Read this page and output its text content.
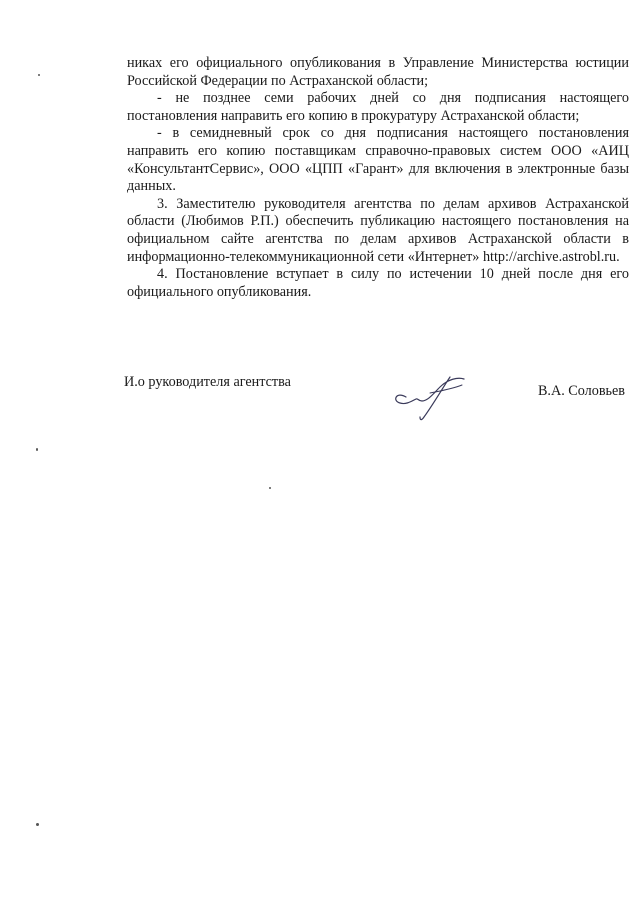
никах его официального опубликования в Управление Министерства юстиции Российской Федерации по Астраханской области;

- не позднее семи рабочих дней со дня подписания настоящего постановления направить его копию в прокуратуру Астраханской области;

- в семидневный срок со дня подписания настоящего постановления направить его копию поставщикам справочно-правовых систем ООО «АИЦ «КонсультантСервис», ООО «ЦПП «Гарант» для включения в электронные базы данных.

3. Заместителю руководителя агентства по делам архивов Астраханской области (Любимов Р.П.) обеспечить публикацию настоящего постановления на официальном сайте агентства по делам архивов Астраханской области в информационно-телекоммуникационной сети «Интернет» http://archive.astrobl.ru.

4. Постановление вступает в силу по истечении 10 дней после дня его официального опубликования.

И.о руководителя агентства
В.А. Соловьев
